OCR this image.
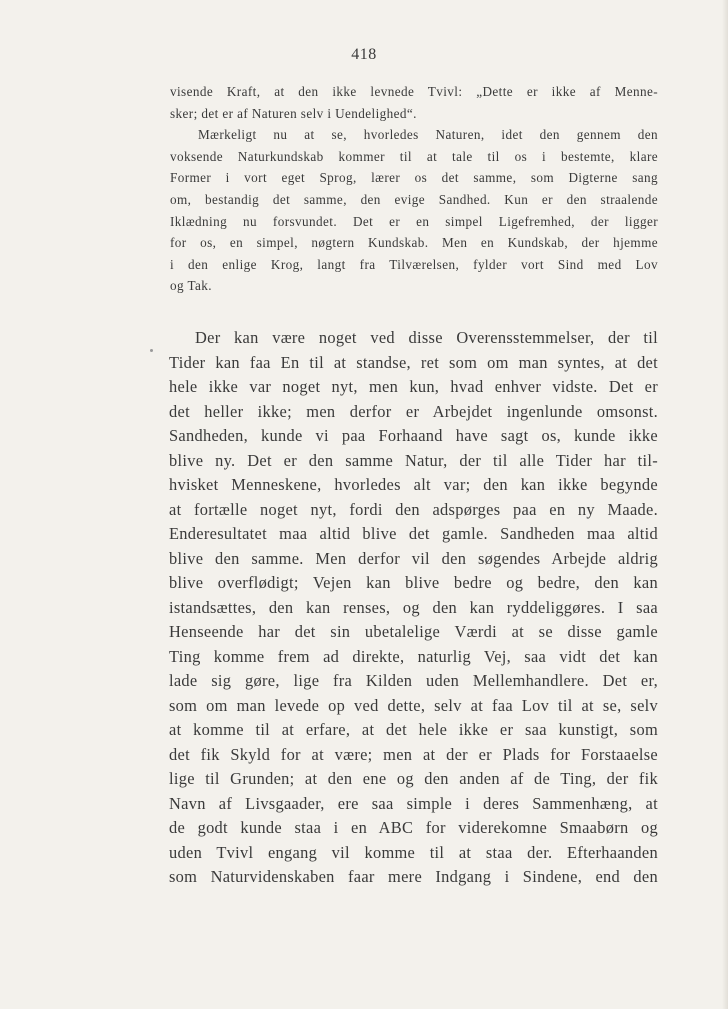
418
visende Kraft, at den ikke levnede Tvivl: „Dette er ikke af Menne-
sker; det er af Naturen selv i Uendelighed“.
Mærkeligt nu at se, hvorledes Naturen, idet den gennem den
voksende Naturkundskab kommer til at tale til os i bestemte, klare
Former i vort eget Sprog, lærer os det samme, som Digterne sang
om, bestandig det samme, den evige Sandhed. Kun er den straalende
Iklædning nu forsvundet. Det er en simpel Ligefremhed, der ligger
for os, en simpel, nøgtern Kundskab. Men en Kundskab, der hjemme
i den enlige Krog, langt fra Tilværelsen, fylder vort Sind med Lov
og Tak.
Der kan være noget ved disse Overensstemmelser, der til
Tider kan faa En til at standse, ret som om man syntes, at det
hele ikke var noget nyt, men kun, hvad enhver vidste. Det er
det heller ikke; men derfor er Arbejdet ingenlunde omsonst.
Sandheden, kunde vi paa Forhaand have sagt os, kunde ikke
blive ny. Det er den samme Natur, der til alle Tider har til-
hvisket Menneskene, hvorledes alt var; den kan ikke begynde
at fortælle noget nyt, fordi den adspørges paa en ny Maade.
Enderesultatet maa altid blive det gamle. Sandheden maa altid
blive den samme. Men derfor vil den søgendes Arbejde aldrig
blive overflødigt; Vejen kan blive bedre og bedre, den kan
istandsættes, den kan renses, og den kan ryddeliggøres. I saa
Henseende har det sin ubetalelige Værdi at se disse gamle
Ting komme frem ad direkte, naturlig Vej, saa vidt det kan
lade sig gøre, lige fra Kilden uden Mellemhandlere. Det er,
som om man levede op ved dette, selv at faa Lov til at se, selv
at komme til at erfare, at det hele ikke er saa kunstigt, som
det fik Skyld for at være; men at der er Plads for Forstaaelse
lige til Grunden; at den ene og den anden af de Ting, der fik
Navn af Livsgaader, ere saa simple i deres Sammenhæng, at
de godt kunde staa i en ABC for viderekomne Smaabørn og
uden Tvivl engang vil komme til at staa der. Efterhaanden
som Naturvidenskaben faar mere Indgang i Sindene, end den
